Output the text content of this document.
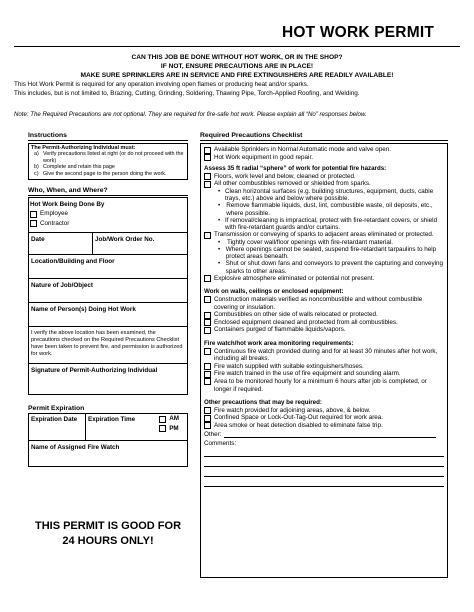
HOT WORK PERMIT
CAN THIS JOB BE DONE WITHOUT HOT WORK, OR IN THE SHOP?
IF NOT, ENSURE PRECAUTIONS ARE IN PLACE!
MAKE SURE SPRINKLERS ARE IN SERVICE AND FIRE EXTINGUISHERS ARE READILY AVAILABLE!
This Hot Work Permit is required for any operation involving open flames or producing heat and/or sparks.
This includes, but is not limited to, Brazing, Cutting, Grinding, Soldering, Thawing Pipe, Torch-Applied Roofing, and Welding.
Note: The Required Precautions are not optional. They are required for fire-safe hot work. Please explain all “No” responses below.
Instructions
The Permit-Authorizing Individual must:
a) Verify precautions listed at right (or do not proceed with the work)
b) Complete and retain this page
c) Give the second page to the person doing the work.
Who, When, and Where?
Hot Work Being Done By
Employee
Contractor
Date	Job/Work Order No.
Location/Building and Floor
Nature of Job/Object
Name of Person(s) Doing Hot Work
I verify the above location has been examined, the precautions checked on the Required Precautions Checklist have been taken to prevent fire, and permission is authorized for work.
Signature of Permit-Authorizing Individual
Permit Expiration
Expiration Date	Expiration Time	AM
PM
Name of Assigned Fire Watch
THIS PERMIT IS GOOD FOR
24 HOURS ONLY!
Required Precautions Checklist
Available Sprinklers in Normal Automatic mode and valve open.
Hot Work equipment in good repair.
Assess 35 ft radial “sphere” of work for potential fire hazards:
Floors, work level and below, cleaned or protected.
All other combustibles removed or shielded from sparks.
• Clean horizontal surfaces (e.g. building structures, equipment, ducts, cable trays, etc.) above and below where possible.
• Remove flammable liquids, dust, lint, combustible waste, oil deposits, etc., where possible.
• If removal/cleaning is impractical, protect with fire-retardant covers, or shield with fire-retardant guards and/or curtains.
Transmission or conveying of sparks to adjacent areas eliminated or protected.
•	Tightly cover wall/floor openings with fire-retardant material.
• Where openings cannot be sealed, suspend fire-retardant tarpaulins to help protect areas beneath.
• Shut or shut down fans and conveyors to prevent the capturing and conveying sparks to other areas.
Explosive atmosphere eliminated or potential not present.
Work on walls, ceilings or enclosed equipment:
Construction materials verified as noncombustible and without combustible covering or insulation.
Combustibles on other side of walls relocated or protected.
Enclosed equipment cleaned and protected from all combustibles.
Containers purged of flammable liquids/vapors.
Fire watch/hot work area monitoring requirements:
Continuous fire watch provided during and for at least 30 minutes after hot work, including all breaks.
Fire watch supplied with suitable extinguishers/hoses.
Fire watch trained in the use of fire equipment and sounding alarm.
Area to be monitored hourly for a minimum 6 hours after job is completed, or longer if required.
Other precautions that may be required:
Fire watch provided for adjoining areas, above, & below.
Confined Space or Lock-Out-Tag-Out required for work area.
Area smoke or heat detection disabled to eliminate false trip.
Other:
Comments:
